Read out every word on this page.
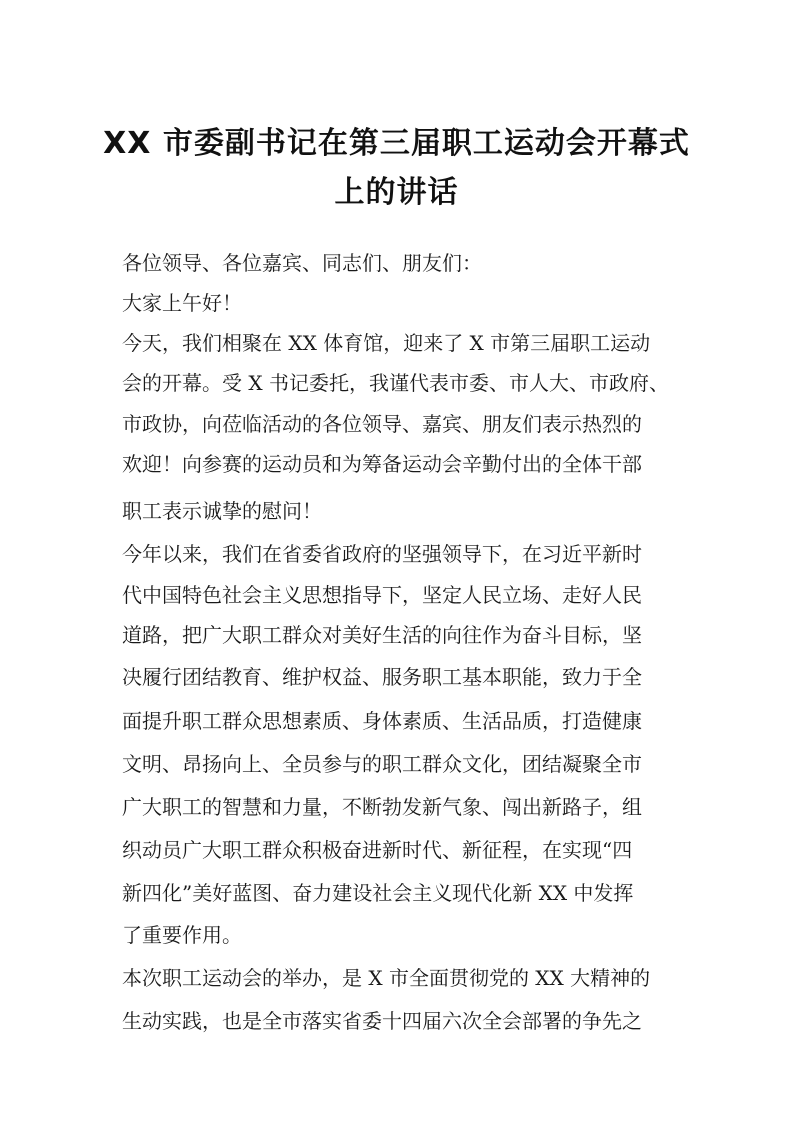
XX 市委副书记在第三届职工运动会开幕式
上的讲话
各位领导、各位嘉宾、同志们、朋友们：
大家上午好！
今天，我们相聚在 XX 体育馆，迎来了 X 市第三届职工运动
会的开幕。受 X 书记委托，我谨代表市委、市人大、市政府、
市政协，向莅临活动的各位领导、嘉宾、朋友们表示热烈的
欢迎！向参赛的运动员和为筹备运动会辛勤付出的全体干部
职工表示诚挚的慰问！
今年以来，我们在省委省政府的坚强领导下，在习近平新时
代中国特色社会主义思想指导下，坚定人民立场、走好人民
道路，把广大职工群众对美好生活的向往作为奋斗目标，坚
决履行团结教育、维护权益、服务职工基本职能，致力于全
面提升职工群众思想素质、身体素质、生活品质，打造健康
文明、昂扬向上、全员参与的职工群众文化，团结凝聚全市
广大职工的智慧和力量，不断勃发新气象、闯出新路子，组
织动员广大职工群众积极奋进新时代、新征程，在实现“四
新四化”美好蓝图、奋力建设社会主义现代化新 XX 中发挥
了重要作用。
本次职工运动会的举办，是 X 市全面贯彻党的 XX 大精神的
生动实践，也是全市落实省委十四届六次全会部署的争先之
